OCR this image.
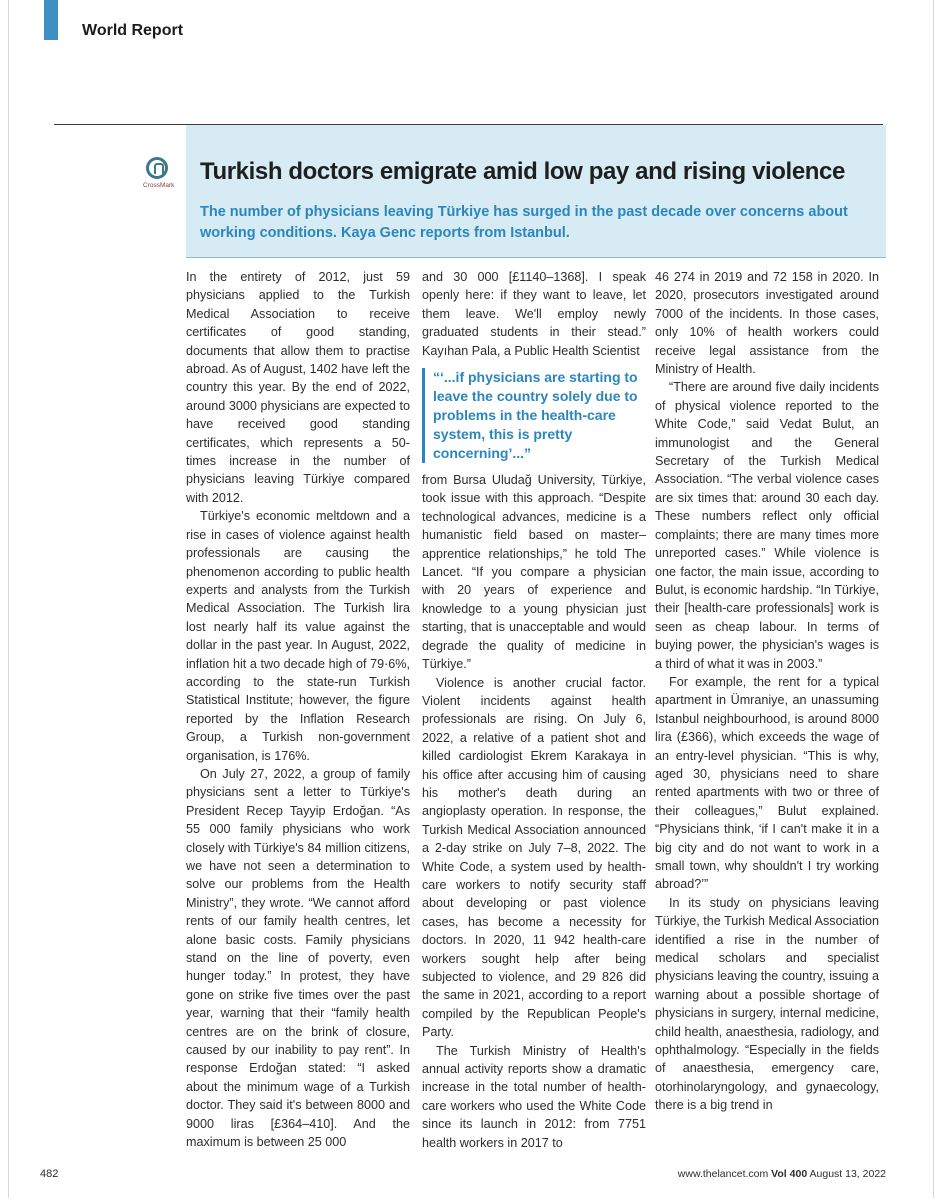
World Report
CrossMark
Turkish doctors emigrate amid low pay and rising violence
The number of physicians leaving Türkiye has surged in the past decade over concerns about working conditions. Kaya Genc reports from Istanbul.

In the entirety of 2012, just 59 physicians applied to the Turkish Medical Association to receive certificates of good standing, documents that allow them to practise abroad. As of August, 1402 have left the country this year. By the end of 2022, around 3000 physicians are expected to have received good standing certificates, which represents a 50-times increase in the number of physicians leaving Türkiye compared with 2012.

Türkiye's economic meltdown and a rise in cases of violence against health professionals are causing the phenomenon according to public health experts and analysts from the Turkish Medical Association. The Turkish lira lost nearly half its value against the dollar in the past year. In August, 2022, inflation hit a two decade high of 79·6%, according to the state-run Turkish Statistical Institute; however, the figure reported by the Inflation Research Group, a Turkish non-government organisation, is 176%.

On July 27, 2022, a group of family physicians sent a letter to Türkiye's President Recep Tayyip Erdoğan. “As 55 000 family physicians who work closely with Türkiye's 84 million citizens, we have not seen a determination to solve our problems from the Health Ministry”, they wrote. “We cannot afford rents of our family health centres, let alone basic costs. Family physicians stand on the line of poverty, even hunger today.” In protest, they have gone on strike five times over the past year, warning that their “family health centres are on the brink of closure, caused by our inability to pay rent”. In response Erdoğan stated: “I asked about the minimum wage of a Turkish doctor. They said it's between 8000 and 9000 liras [£364–410]. And the maximum is between 25 000

and 30 000 [£1140–1368]. I speak openly here: if they want to leave, let them leave. We'll employ newly graduated students in their stead.” Kayıhan Pala, a Public Health Scientist

“‘...if physicians are starting to leave the country solely due to problems in the health-care system, this is pretty concerning’...”

from Bursa Uludağ University, Türkiye, took issue with this approach. “Despite technological advances, medicine is a humanistic field based on master–apprentice relationships,” he told The Lancet. “If you compare a physician with 20 years of experience and knowledge to a young physician just starting, that is unacceptable and would degrade the quality of medicine in Türkiye.”

Violence is another crucial factor. Violent incidents against health professionals are rising. On July 6, 2022, a relative of a patient shot and killed cardiologist Ekrem Karakaya in his office after accusing him of causing his mother's death during an angioplasty operation. In response, the Turkish Medical Association announced a 2-day strike on July 7–8, 2022. The White Code, a system used by health-care workers to notify security staff about developing or past violence cases, has become a necessity for doctors. In 2020, 11 942 health-care workers sought help after being subjected to violence, and 29 826 did the same in 2021, according to a report compiled by the Republican People's Party.

The Turkish Ministry of Health's annual activity reports show a dramatic increase in the total number of health-care workers who used the White Code since its launch in 2012: from 7751 health workers in 2017 to

46 274 in 2019 and 72 158 in 2020. In 2020, prosecutors investigated around 7000 of the incidents. In those cases, only 10% of health workers could receive legal assistance from the Ministry of Health.

“There are around five daily incidents of physical violence reported to the White Code,” said Vedat Bulut, an immunologist and the General Secretary of the Turkish Medical Association. “The verbal violence cases are six times that: around 30 each day. These numbers reflect only official complaints; there are many times more unreported cases.” While violence is one factor, the main issue, according to Bulut, is economic hardship. “In Türkiye, their [health-care professionals] work is seen as cheap labour. In terms of buying power, the physician's wages is a third of what it was in 2003.”

For example, the rent for a typical apartment in Ümraniye, an unassuming Istanbul neighbourhood, is around 8000 lira (£366), which exceeds the wage of an entry-level physician. “This is why, aged 30, physicians need to share rented apartments with two or three of their colleagues,” Bulut explained. “Physicians think, ‘if I can't make it in a big city and do not want to work in a small town, why shouldn't I try working abroad?’”

In its study on physicians leaving Türkiye, the Turkish Medical Association identified a rise in the number of medical scholars and specialist physicians leaving the country, issuing a warning about a possible shortage of physicians in surgery, internal medicine, child health, anaesthesia, radiology, and ophthalmology. “Especially in the fields of anaesthesia, emergency care, otorhinolaryngology, and gynaecology, there is a big trend in

482	www.thelancet.com Vol 400 August 13, 2022
